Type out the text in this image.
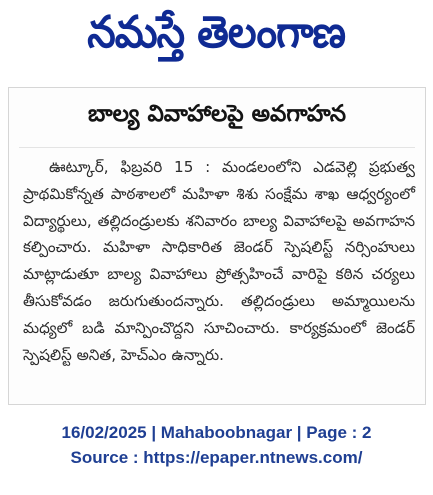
నమస్తే తెలంగాణ
బాల్య వివాహాలపై అవగాహన

ఊట్కూర్, ఫిబ్రవరి 15 : మండలంలోని ఎడవెల్లి ప్రభుత్వ ప్రాథమికోన్నత పాఠశాలలో మహిళా శిశు సంక్షేమ శాఖ ఆధ్వర్యంలో విద్యార్థులు, తల్లిదండ్రులకు శనివారం బాల్య వివాహాలపై అవగాహన కల్పించారు. మహిళా సాధికారిత జెండర్ స్పెషలిస్ట్ నర్సింహులు మాట్లాడుతూ బాల్య వివాహాలు ప్రోత్సహించే వారిపై కఠిన చర్యలు తీసుకోవడం జరుగుతుందన్నారు. తల్లిదండ్రులు అమ్మాయిలను మధ్యలో బడి మాన్పించొద్దని సూచించారు. కార్యక్రమంలో జెండర్ స్పెషలిస్ట్ అనిత, హెచ్‌ఎం ఉన్నారు.

16/02/2025 | Mahaboobnagar | Page : 2
Source : https://epaper.ntnews.com/
